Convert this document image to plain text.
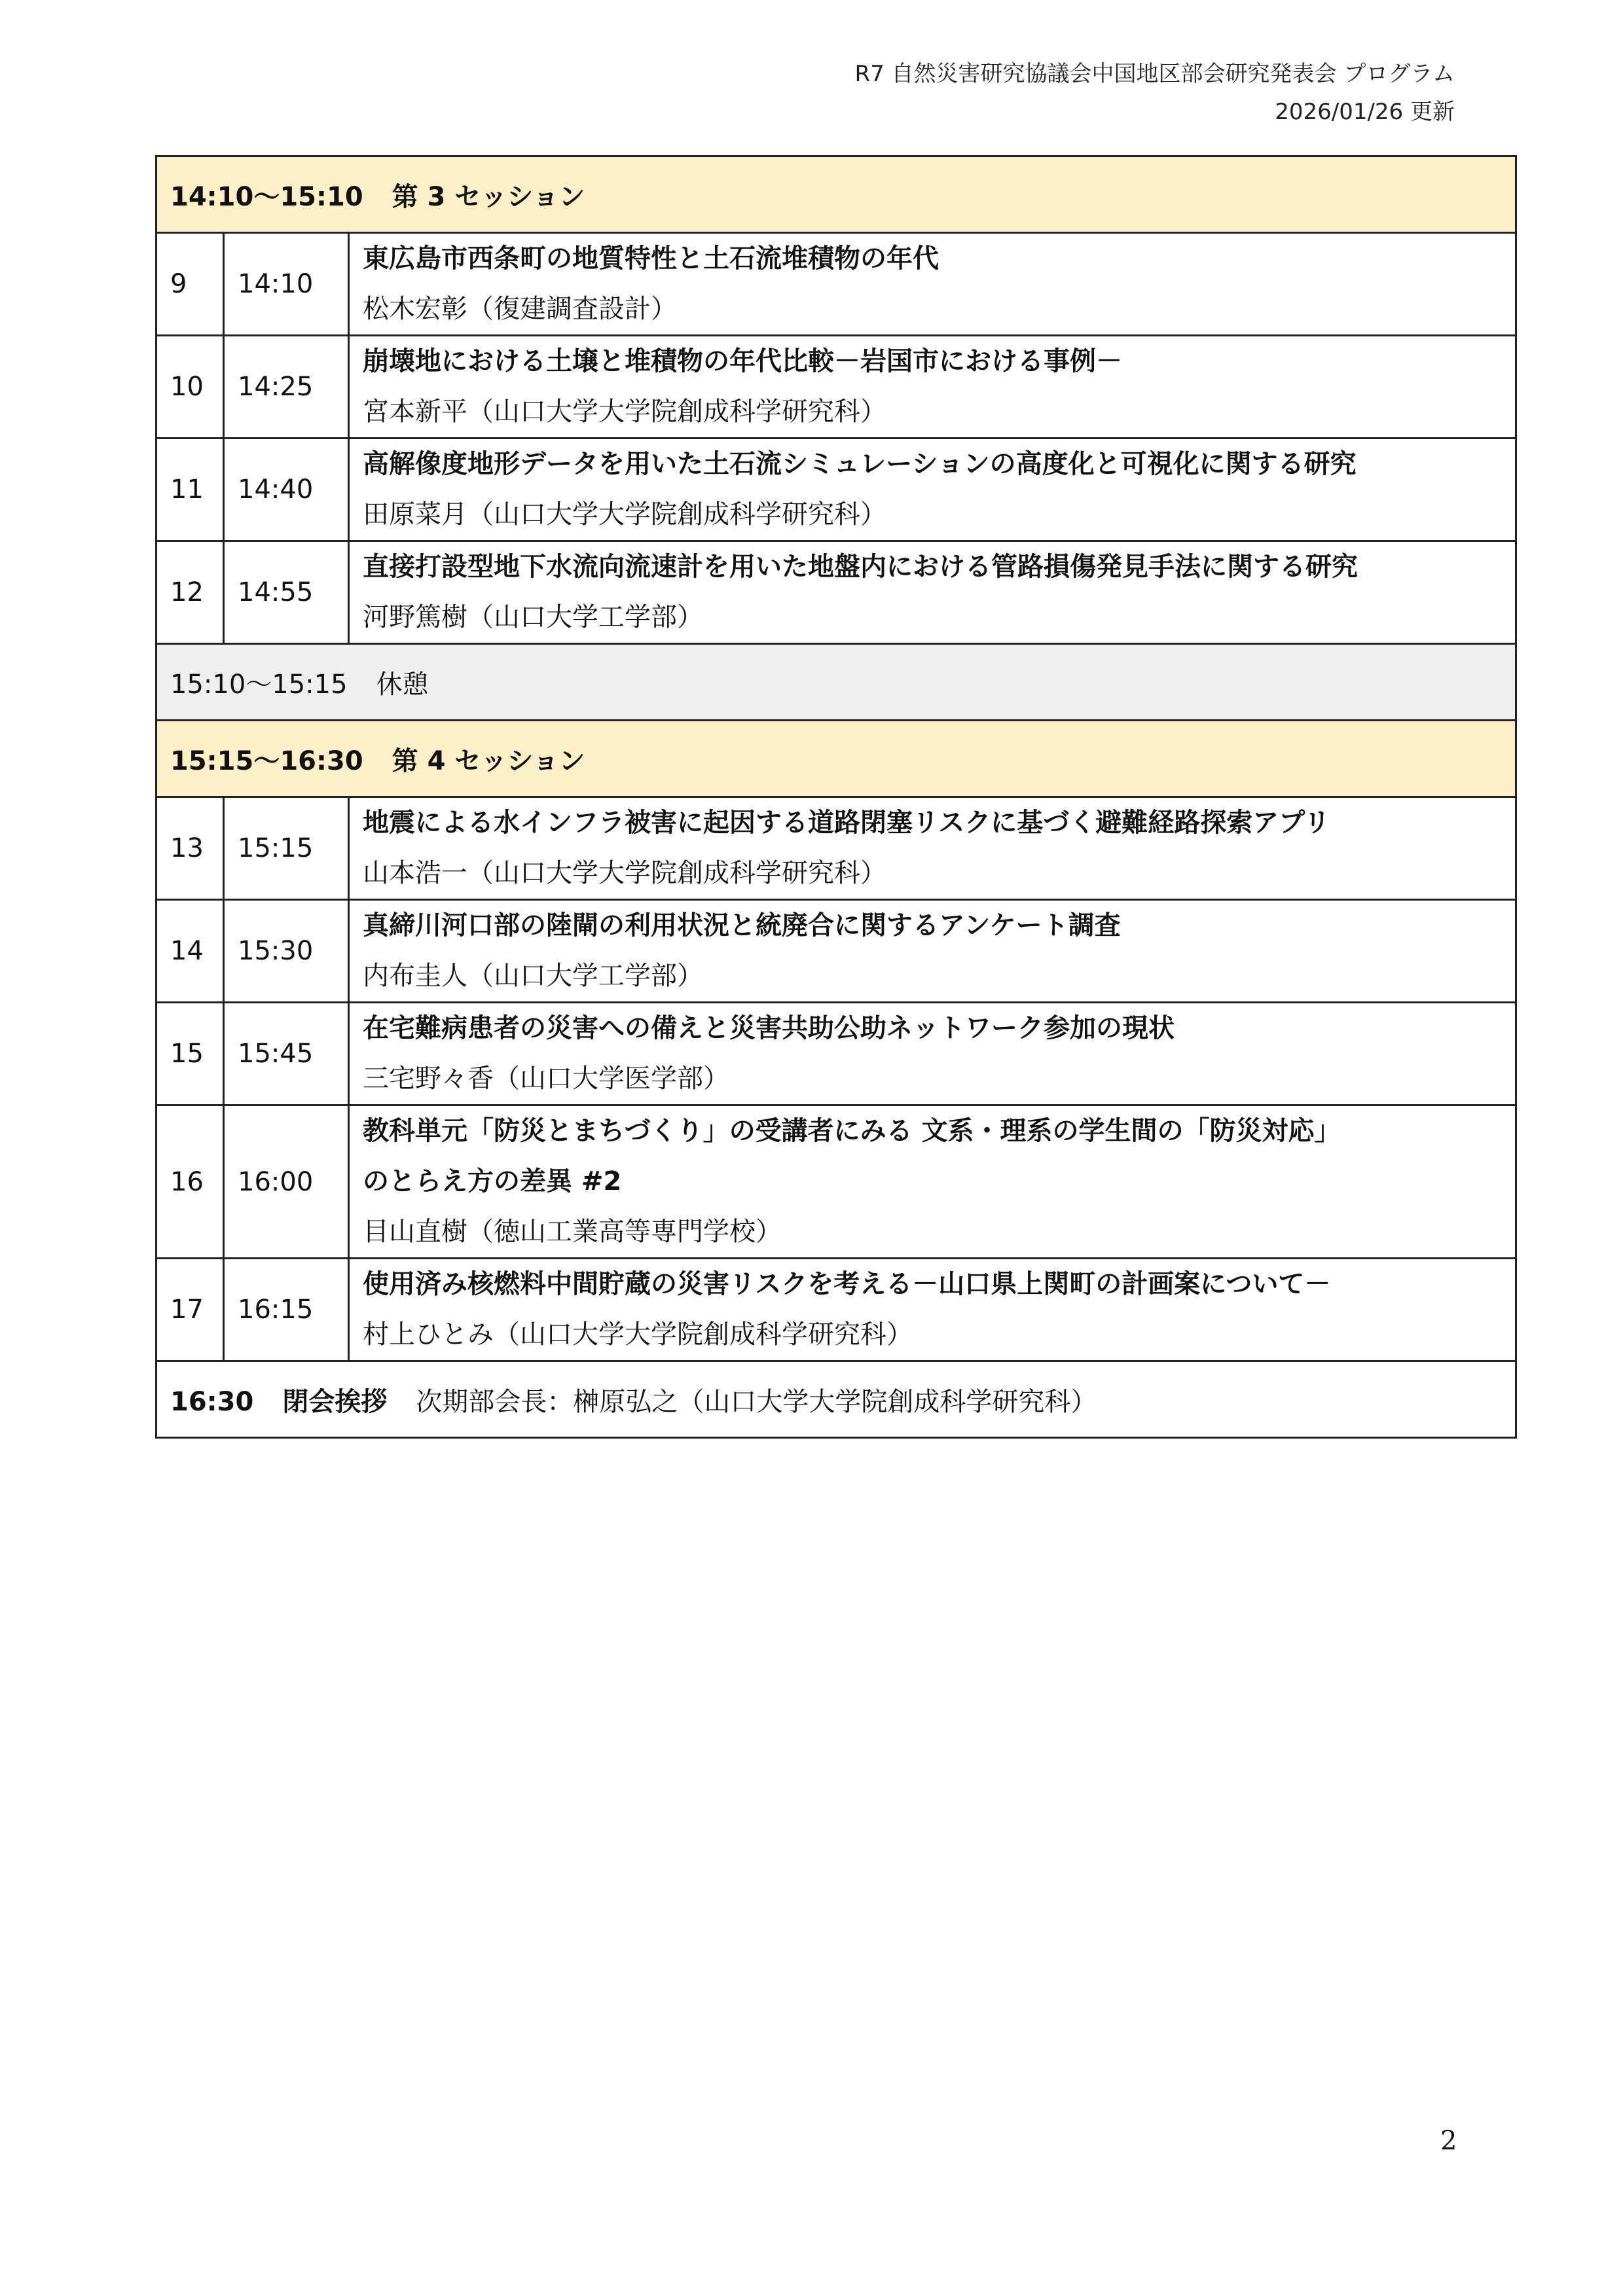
R7 自然災害研究協議会中国地区部会研究発表会 プログラム
2026/01/26 更新
14:10〜15:10 第 3 セッション		
9	14:10	東広島市西条町の地質特性と土石流堆積物の年代
松木宏彰（復建調査設計）

10	14:25	崩壊地における土壌と堆積物の年代比較－岩国市における事例－
宮本新平（山口大学大学院創成科学研究科）

11	14:40	高解像度地形データを用いた土石流シミュレーションの高度化と可視化に関する研究
田原菜月（山口大学大学院創成科学研究科）

12	14:55	直接打設型地下水流向流速計を用いた地盤内における管路損傷発見手法に関する研究
河野篤樹（山口大学工学部）

15:10〜15:15 休憩		
15:15〜16:30 第 4 セッション		
13	15:15	地震による水インフラ被害に起因する道路閉塞リスクに基づく避難経路探索アプリ
山本浩一（山口大学大学院創成科学研究科）

14	15:30	真締川河口部の陸閘の利用状況と統廃合に関するアンケート調査
内布圭人（山口大学工学部）

15	15:45	在宅難病患者の災害への備えと災害共助公助ネットワーク参加の現状
三宅野々香（山口大学医学部）

16	16:00	教科単元「防災とまちづくり」の受講者にみる 文系・理系の学生間の「防災対応」
のとらえ方の差異 #2
目山直樹（徳山工業高等専門学校）

17	16:15	使用済み核燃料中間貯蔵の災害リスクを考える－山口県上関町の計画案について－
村上ひとみ（山口大学大学院創成科学研究科）

16:30 閉会挨拶 次期部会長：榊原弘之（山口大学大学院創成科学研究科）		
2
